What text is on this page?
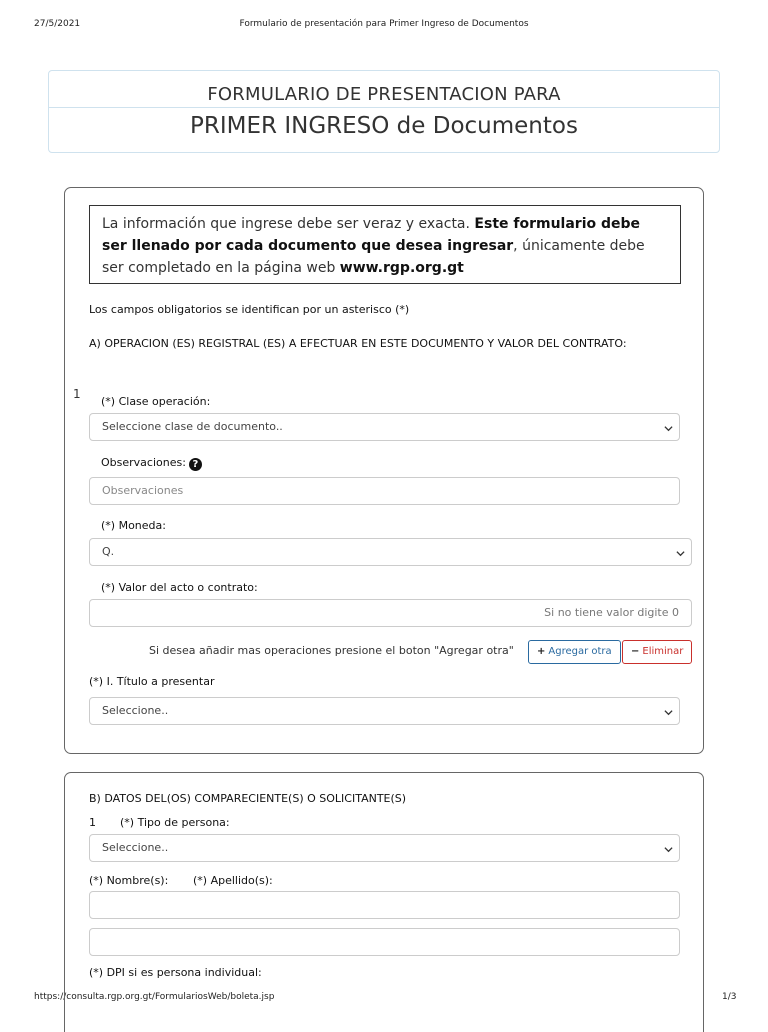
27/5/2021	Formulario de presentación para Primer Ingreso de Documentos
https://consulta.rgp.org.gt/FormulariosWeb/boleta.jsp	1/3
FORMULARIO DE PRESENTACION PARA
PRIMER INGRESO de Documentos
La información que ingrese debe ser veraz y exacta. Este formulario debe ser llenado por cada documento que desea ingresar, únicamente debe ser completado en la página web www.rgp.org.gt
Los campos obligatorios se identifican por un asterisco (*)
A) OPERACION (ES) REGISTRAL (ES) A EFECTUAR EN ESTE DOCUMENTO Y VALOR DEL CONTRATO:
1
(*) Clase operación:
Seleccione clase de documento..
Observaciones: ?
Observaciones
(*) Moneda:
Q.
(*) Valor del acto o contrato:
Si no tiene valor digite 0
Si desea añadir mas operaciones presione el boton "Agregar otra"	+ Agregar otra	− Eliminar
(*) I. Título a presentar
Seleccione..
B) DATOS DEL(OS) COMPARECIENTE(S) O SOLICITANTE(S)
1 (*) Tipo de persona:
Seleccione..
(*) Nombre(s): (*) Apellido(s):
(*) DPI si es persona individual:
